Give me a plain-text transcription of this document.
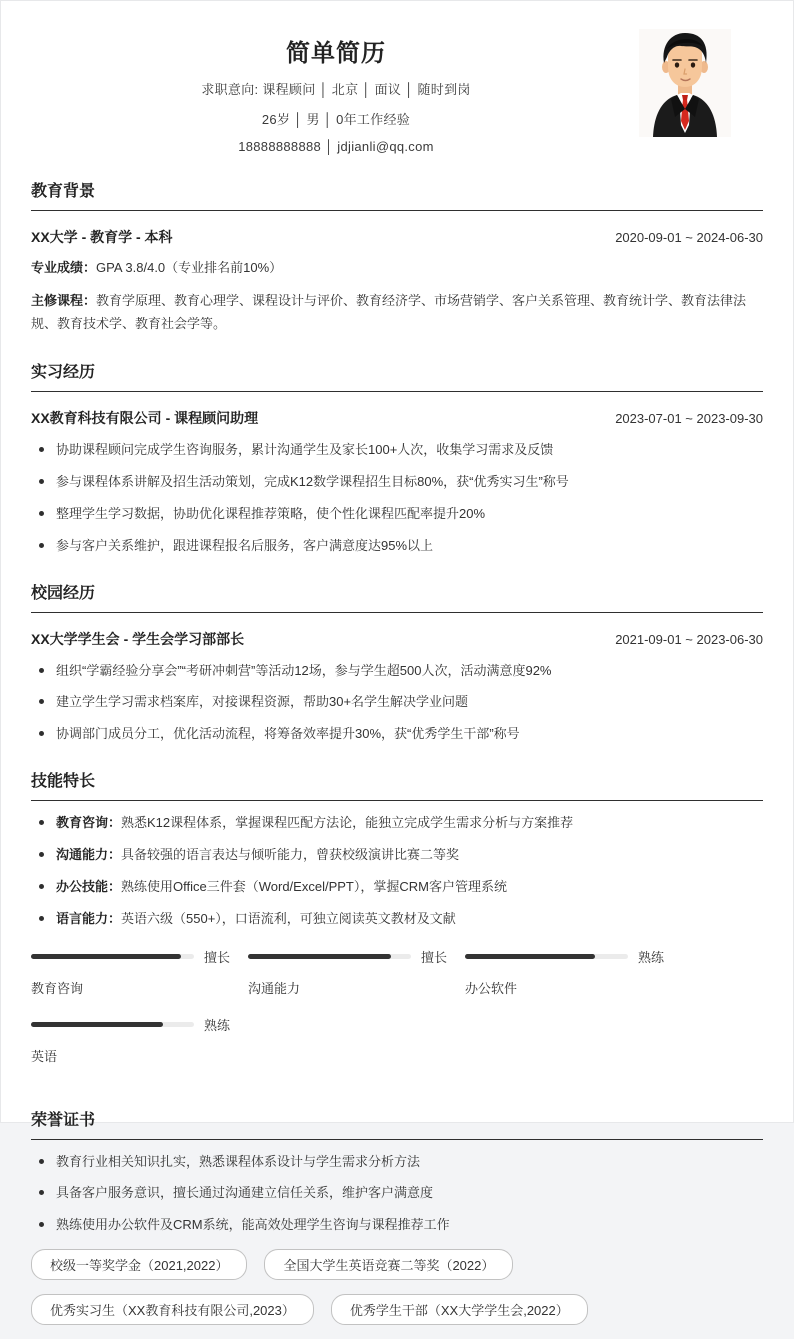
简单简历
求职意向: 课程顾问 │ 北京 │ 面议 │ 随时到岗
26岁 │ 男 │ 0年工作经验
18888888888 │ jdjianli@qq.com
教育背景
XX大学 - 教育学 - 本科	2020-09-01 ~ 2024-06-30
专业成绩：GPA 3.8/4.0（专业排名前10%）
主修课程：教育学原理、教育心理学、课程设计与评价、教育经济学、市场营销学、客户关系管理、教育统计学、教育法律法规、教育技术学、教育社会学等。
实习经历
XX教育科技有限公司 - 课程顾问助理	2023-07-01 ~ 2023-09-30
协助课程顾问完成学生咨询服务，累计沟通学生及家长100+人次，收集学习需求及反馈
参与课程体系讲解及招生活动策划，完成K12数学课程招生目标80%，获“优秀实习生”称号
整理学生学习数据，协助优化课程推荐策略，使个性化课程匹配率提升20%
参与客户关系维护，跟进课程报名后服务，客户满意度达95%以上
校园经历
XX大学学生会 - 学生会学习部部长	2021-09-01 ~ 2023-06-30
组织“学霸经验分享会”“考研冲刺营”等活动12场，参与学生超500人次，活动满意度92%
建立学生学习需求档案库，对接课程资源，帮助30+名学生解决学业问题
协调部门成员分工，优化活动流程，将筹备效率提升30%，获“优秀学生干部”称号
技能特长
教育咨询：熟悉K12课程体系，掌握课程匹配方法论，能独立完成学生需求分析与方案推荐
沟通能力：具备较强的语言表达与倾听能力，曾获校级演讲比赛二等奖
办公技能：熟练使用Office三件套（Word/Excel/PPT），掌握CRM客户管理系统
语言能力：英语六级（550+），口语流利，可独立阅读英文教材及文献
擅长
教育咨询
擅长
沟通能力
熟练
办公软件
熟练
英语
荣誉证书
教育行业相关知识扎实，熟悉课程体系设计与学生需求分析方法
具备客户服务意识，擅长通过沟通建立信任关系，维护客户满意度
熟练使用办公软件及CRM系统，能高效处理学生咨询与课程推荐工作
校级一等奖学金（2021,2022）	全国大学生英语竞赛二等奖（2022）
优秀实习生（XX教育科技有限公司,2023）	优秀学生干部（XX大学学生会,2022）
